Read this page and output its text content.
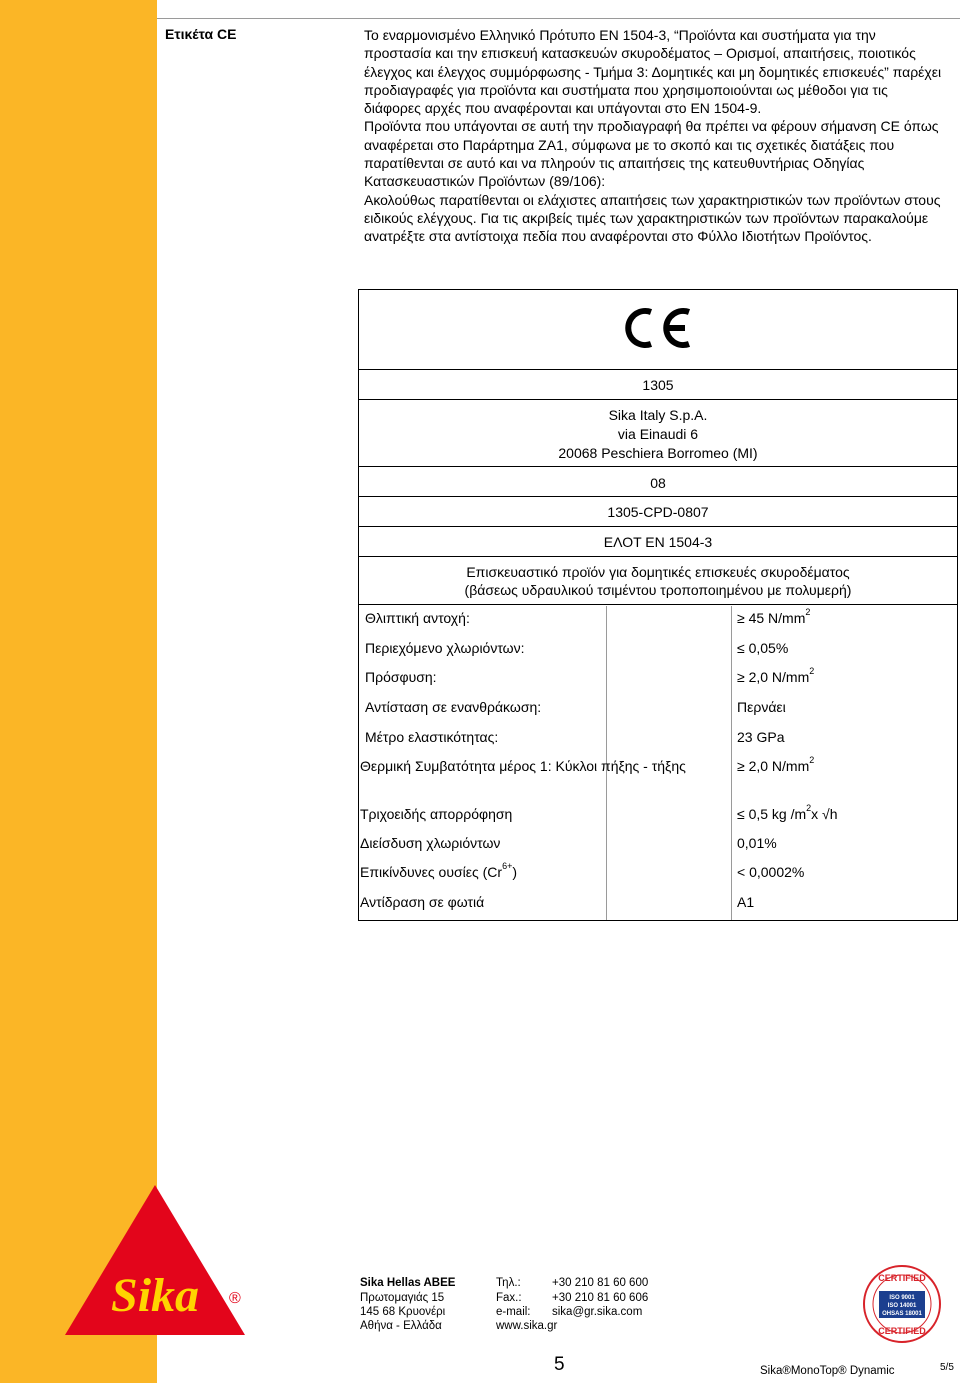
Ετικέτα CE	Το εναρμονισμένο Ελληνικό Πρότυπο ΕΝ 1504-3, “Προϊόντα και συστήματα για την προστασία και την επισκευή κατασκευών σκυροδέματος – Ορισμοί, απαιτήσεις, ποιοτικός έλεγχος και έλεγχος συμμόρφωσης - Τμήμα 3: Δομητικές και μη δομητικές επισκευές” παρέχει προδιαγραφές για προϊόντα και συστήματα που χρησιμοποιούνται ως μέθοδοι για τις διάφορες αρχές που αναφέρονται και υπάγονται στο ΕΝ 1504-9.

Προϊόντα που υπάγονται σε αυτή την προδιαγραφή θα πρέπει να φέρουν σήμανση CE όπως αναφέρεται στο Παράρτημα ΖΑ1, σύμφωνα με το σκοπό και τις σχετικές διατάξεις που παρατίθενται σε αυτό και να πληρούν τις απαιτήσεις της κατευθυντήριας Οδηγίας Κατασκευαστικών Προϊόντων (89/106):

Ακολούθως παρατίθενται οι ελάχιστες απαιτήσεις των χαρακτηριστικών των προϊόντων στους ειδικούς ελέγχους. Για τις ακριβείς τιμές των χαρακτηριστικών των προϊόντων παρακαλούμε ανατρέξτε στα αντίστοιχα πεδία που αναφέρονται στο Φύλλο Ιδιοτήτων Προϊόντος.

1305
Sika Italy S.p.A.
via Einaudi 6
20068 Peschiera Borromeo (MI)
08
1305-CPD-0807
ΕΛΟΤ ΕΝ 1504-3
Επισκευαστικό προϊόν για δομητικές επισκευές σκυροδέματος
(βάσεως υδραυλικού τσιμέντου τροποποιημένου με πολυμερή)
Θλιπτική αντοχή:	≥ 45 $N/mm^2$
Περιεχόμενο χλωριόντων:	≤ 0,05%
Πρόσφυση:	≥ 2,0 $N/mm^2$
Αντίσταση σε ενανθράκωση:	Περνάει
Μέτρο ελαστικότητας:	23 GPa
Θερμική Συμβατότητα μέρος 1: Κύκλοι πήξης - τήξης	≥ 2,0 $N/mm^2$
Τριχοειδής απορρόφηση	≤ 0,5 kg $/m^2x$ √h
Διείσδυση χλωριόντων	0,01%
Επικίνδυνες ουσίες $(Cr^{6+})$	< 0,0002%
Αντίδραση σε φωτιά	A1
Sika ®
Sika Hellas ABEE
Πρωτομαγιάς 15
145 68 Κρυονέρι
Αθήνα - Ελλάδα
Τηλ.:	+30 210 81 60 600
Fax.:	+30 210 81 60 606
e-mail: sika@gr.sika.com
www.sika.gr
CERTIFIED
ISO 9001
ISO 14001
OHSAS 18001
CERTIFIED
5	Sika®MonoTop® Dynamic	5/5
